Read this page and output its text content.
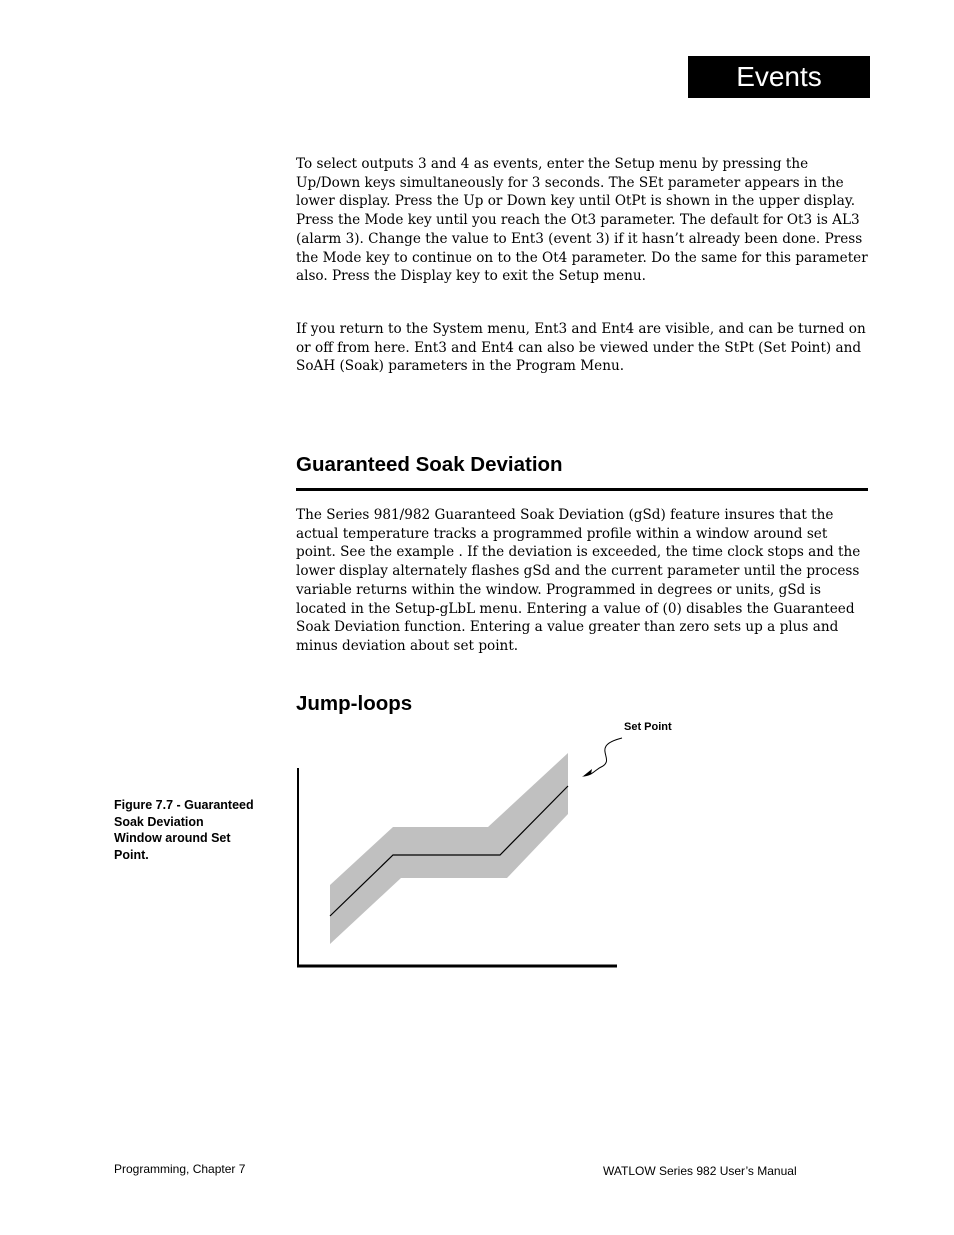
Events

To select outputs 3 and 4 as events, enter the Setup menu by pressing the Up/Down keys simultaneously for 3 seconds. The SEt parameter appears in the lower display. Press the Up or Down key until OtPt is shown in the upper display. Press the Mode key until you reach the Ot3 parameter. The default for Ot3 is AL3 (alarm 3). Change the value to Ent3 (event 3) if it hasn’t already been done. Press the Mode key to continue on to the Ot4 parameter. Do the same for this parameter also. Press the Display key to exit the Setup menu.

If you return to the System menu, Ent3 and Ent4 are visible, and can be turned on or off from here. Ent3 and Ent4 can also be viewed under the StPt (Set Point) and SoAH (Soak) parameters in the Program Menu.

Guaranteed Soak Deviation

The Series 981/982 Guaranteed Soak Deviation (gSd) feature insures that the actual temperature tracks a programmed profile within a window around set point. See the example . If the deviation is exceeded, the time clock stops and the lower display alternately flashes gSd and the current parameter until the process variable returns within the window. Programmed in degrees or units, gSd is located in the Setup-gLbL menu. Entering a value of (0) disables the Guaranteed Soak Deviation function. Entering a value greater than zero sets up a plus and minus deviation about set point.

Jump-loops
Figure 7.7 - Guaranteed Soak Deviation Window around Set Point.
Set Point
Programming, Chapter 7	WATLOW Series 982 User’s Manual
